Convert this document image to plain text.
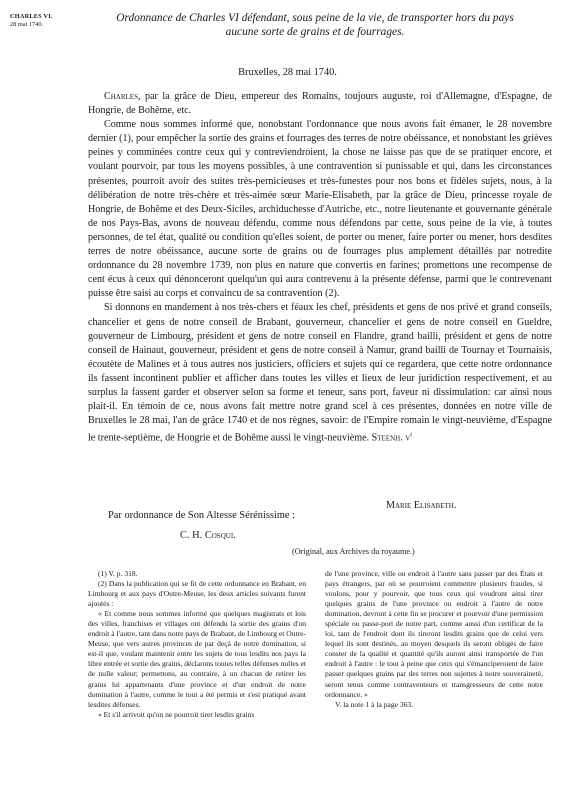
CHARLES VI.
28 mai 1740.
Ordonnance de Charles VI défendant, sous peine de la vie, de transporter hors du pays
aucune sorte de grains et de fourrages.
Bruxelles, 28 mai 1740.

Charles, par la grâce de Dieu, empereur des Romains, toujours auguste, roi d'Allemagne, d'Espagne, de Hongrie, de Bohême, etc.

Comme nous sommes informé que, nonobstant l'ordonnance que nous avons fait émaner, le 28 novembre dernier (1), pour empêcher la sortie des grains et fourrages des terres de notre obéissance, et nonobstant les grièves peines y comminées contre ceux qui y contreviendroient, la chose ne laisse pas que de se pratiquer encore, et voulant pourvoir, par tous les moyens possibles, à une contravention si punissable et qui, dans les circonstances présentes, pourroit avoir des suites très-pernicieuses et très-funestes pour nos bons et fidèles sujets, nous, à la délibération de notre très-chère et très-aimée sœur Marie-Elisabeth, par la grâce de Dieu, princesse royale de Hongrie, de Bohême et des Deux-Siciles, archiduchesse d'Autriche, etc., notre lieutenante et gouvernante générale de nos Pays-Bas, avons de nouveau défendu, comme nous défendons par cette, sous peine de la vie, à toutes personnes, de tel état, qualité ou condition qu'elles soient, de porter ou mener, faire porter ou mener, hors desdites terres de notre obéissance, aucune sorte de grains ou de fourrages plus amplement détaillés par notredite ordonnance du 28 novembre 1739, non plus en nature que convertis en farines; promettons une recompense de cent écus à ceux qui dénonceront quelqu'un qui aura contrevenu à la présente défense, parmi que le contrevenant puisse être saisi au corps et convaincu de sa contravention (2).

Si donnons en mandement à nos très-chers et féaux les chef, présidents et gens de nos privé et grand conseils, chancelier et gens de notre conseil de Brabant, gouverneur, chancelier et gens de notre conseil en Gueldre, gouverneur de Limbourg, président et gens de notre conseil en Flandre, grand bailli, président et gens de notre conseil de Hainaut, gouverneur, président et gens de notre conseil à Namur, grand bailli de Tournay et Tournaisis, écoutète de Malines et à tous autres nos justiciers, officiers et sujets qui ce regardera, que cette notre ordonnance ils fassent incontinent publier et afficher dans toutes les villes et lieux de leur juridiction respectivement, et au surplus la fassent garder et observer selon sa forme et teneur, sans port, faveur ni dissimulation: car ainsi nous plait-il. En témoin de ce, nous avons fait mettre notre grand scel à ces présentes, données en notre ville de Bruxelles le 28 mai, l'an de grâce 1740 et de nos règnes, savoir: de l'Empire romain le vingt-neuvième, d'Espagne le trente-septième, de Hongrie et de Bohême aussi le vingt-neuvième. Steenh. $v^t$

Marie Elisabeth.
Par ordonnance de Son Altesse Sérénissime :
C. H. Cosqui.
(Original, aux Archives du royaume.)

(1) V. p. 318.

(2) Dans la publication qui se fit de cette ordonnance en Brabant, en Limbourg et aux pays d'Outre-Meuse, les deux articles suivants furent ajoutés :

« Et comme nous sommes informé que quelques magistrats et lois des villes, franchises et villages ont défendu la sortie des grains d'un endroit à l'autre, tant dans notre pays de Brabant, de Limbourg et Outre-Meuse, que vers autres provinces de par deçà de notre domination, si est-il que, voulant maintenir entre les sujets de tous lesdits nos pays la libre entrée et sortie des grains, déclarons toutes telles défenses nulles et de nulle valeur; permettons, au contraire, à un chacun de retirer les grains lui appartenants d'une province et d'un endroit de notre domination à l'autre, comme le tout a été permis et s'est pratiqué avant lesdites défenses.

« Et s'il arrivoit qu'on ne pourroit tirer lesdits grains

de l'une province, ville ou endroit à l'autre sans passer par des États et pays étrangers, par où se pourroient commettre plusieurs fraudes, si voulons, pour y pourvoir, que tous ceux qui voudront ainsi tirer quelques grains de l'une province ou endroit à l'autre de notre domination, devront à cette fin se procurer et pourvoir d'une permission spéciale ou passe-port de notre part, comme aussi d'un certificat de la loi, tant de l'endroit dont ils tireront lesdits grains que de celui vers lequel ils sont destinés, au moyen desquels ils seront obligés de faire conster de la qualité et quantité qu'ils auront ainsi transportée de l'un endroit à l'autre : le tout à peine que ceux qui s'émanciperoient de faire passer quelques grains par des terres non sujettes à notre souveraineté, seront tenus comme contraventeurs et transgresseurs de cette notre ordonnance. »

V. la note 1 à la page 363.
